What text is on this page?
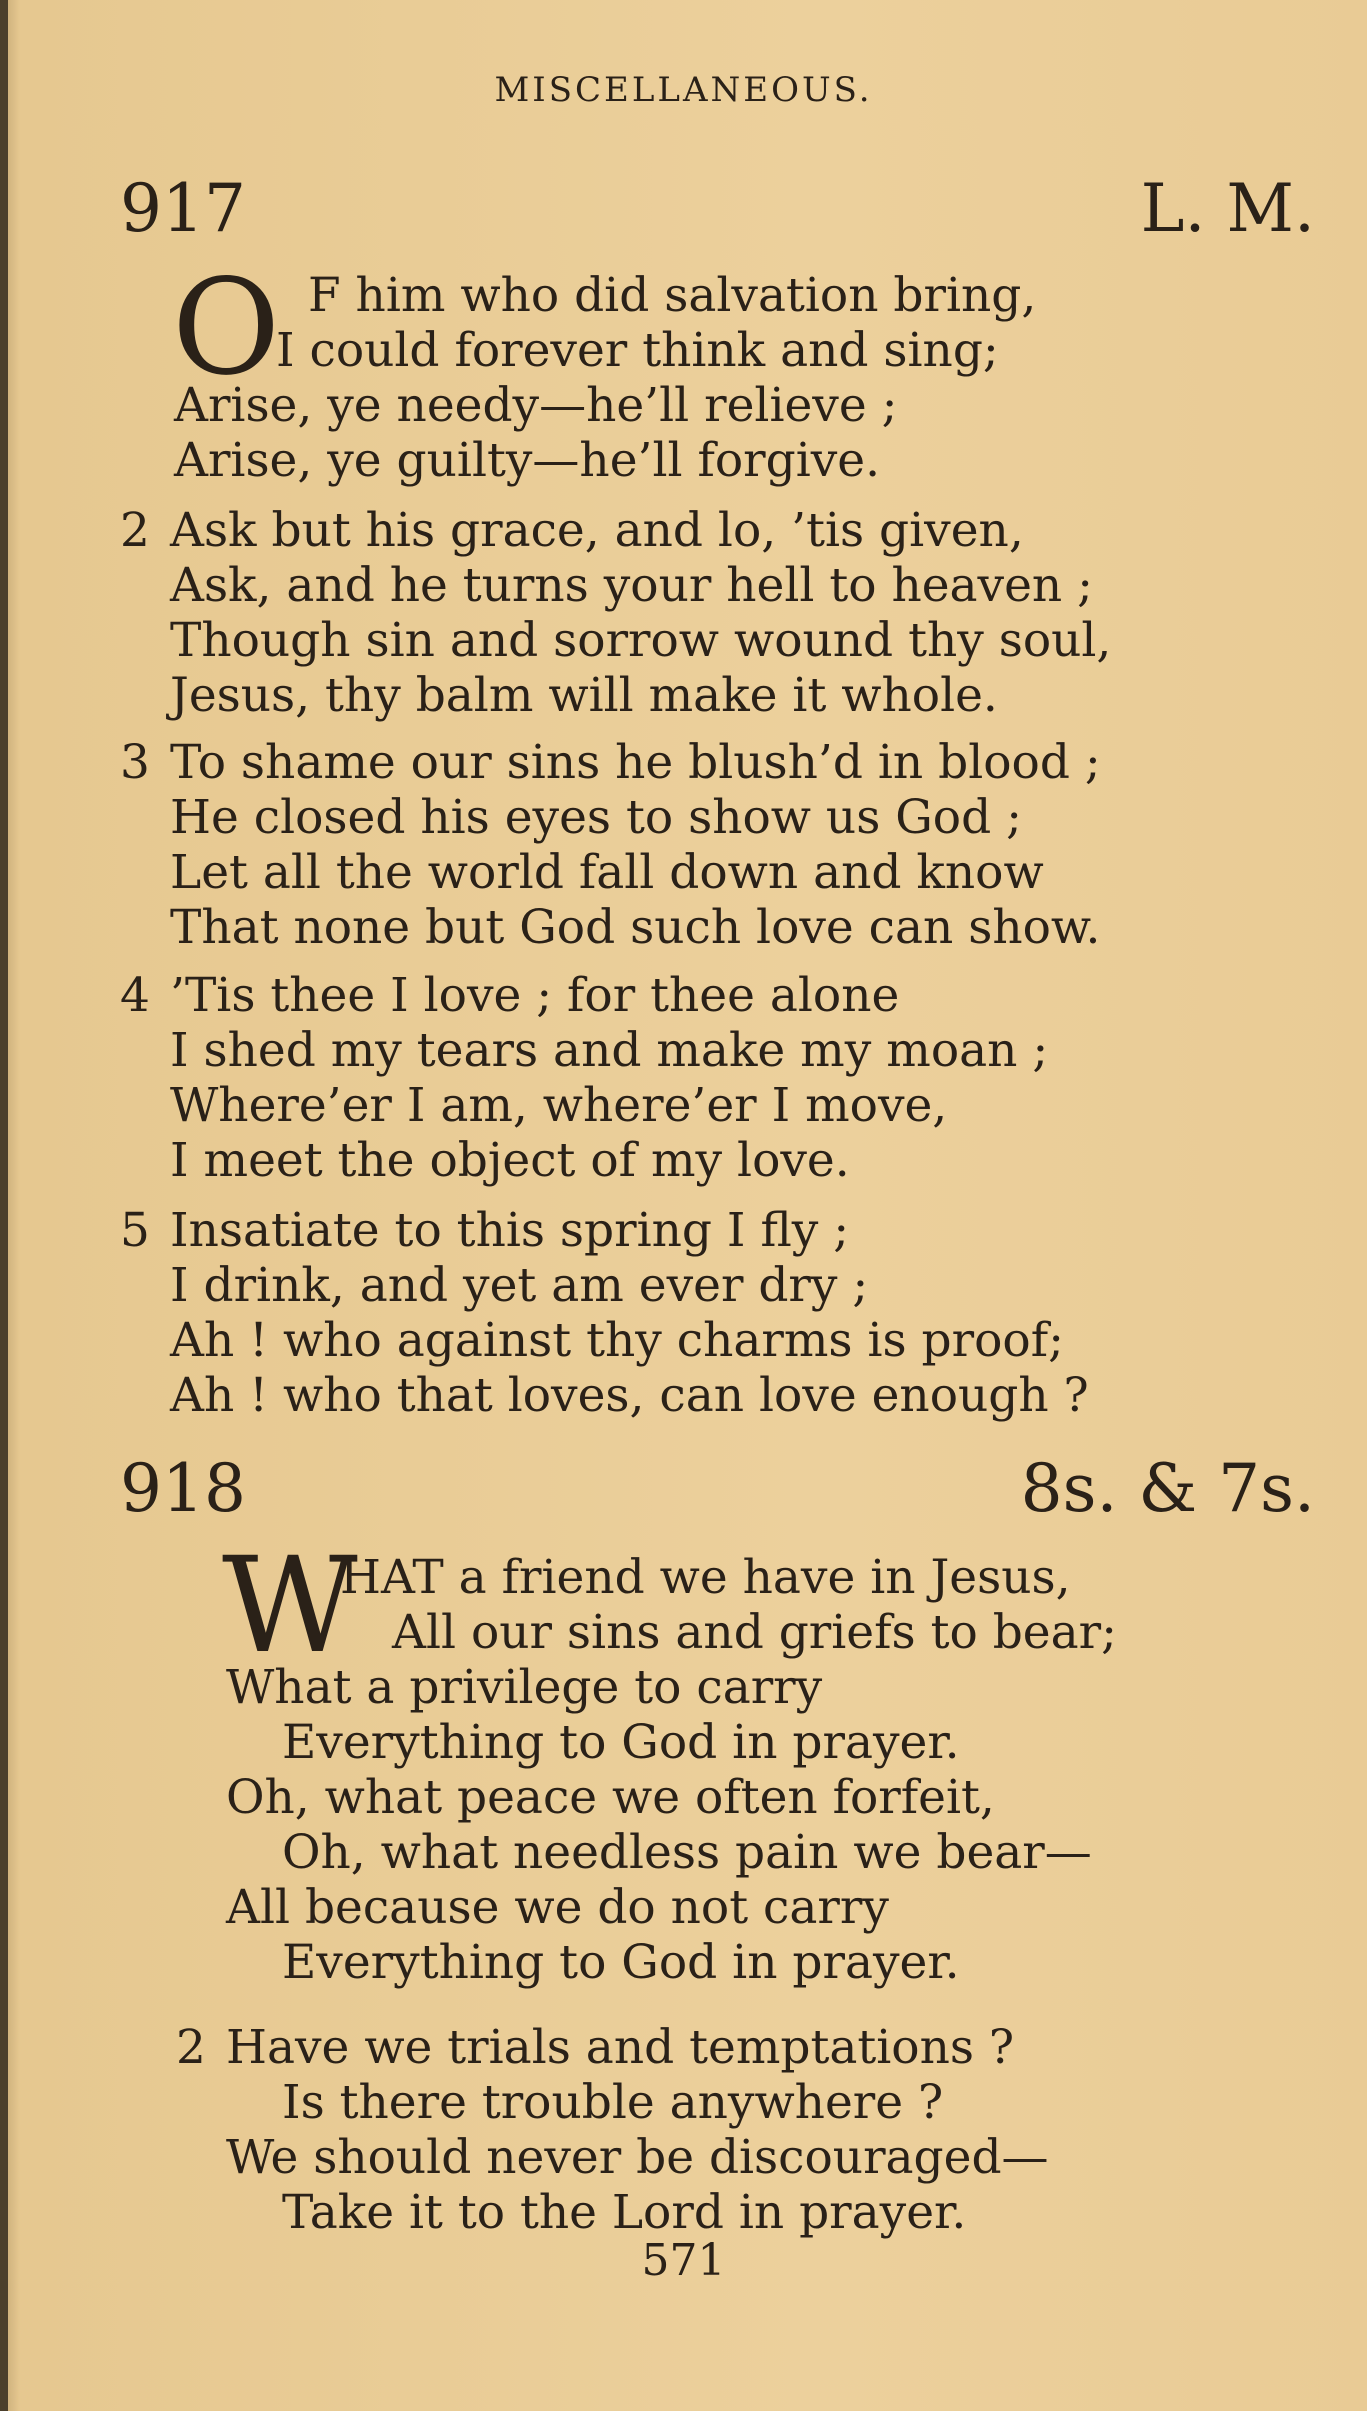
MISCELLANEOUS.
917	L. M.
O F him who did salvation bring,
I could forever think and sing;
Arise, ye needy—he’ll relieve ;
Arise, ye guilty—he’ll forgive.
2 Ask but his grace, and lo, ’tis given,
Ask, and he turns your hell to heaven ;
Though sin and sorrow wound thy soul,
Jesus, thy balm will make it whole.
3 To shame our sins he blush’d in blood ;
He closed his eyes to show us God ;
Let all the world fall down and know
That none but God such love can show.
4 ’Tis thee I love ; for thee alone
I shed my tears and make my moan ;
Where’er I am, where’er I move,
I meet the object of my love.
5 Insatiate to this spring I fly ;
I drink, and yet am ever dry ;
Ah ! who against thy charms is proof;
Ah ! who that loves, can love enough ?
918	8s. & 7s.
W
HAT a friend we have in Jesus,
All our sins and griefs to bear;
What a privilege to carry
Everything to God in prayer.
Oh, what peace we often forfeit,
Oh, what needless pain we bear—
All because we do not carry
Everything to God in prayer.
2 Have we trials and temptations ?
Is there trouble anywhere ?
We should never be discouraged—
Take it to the Lord in prayer.
571
